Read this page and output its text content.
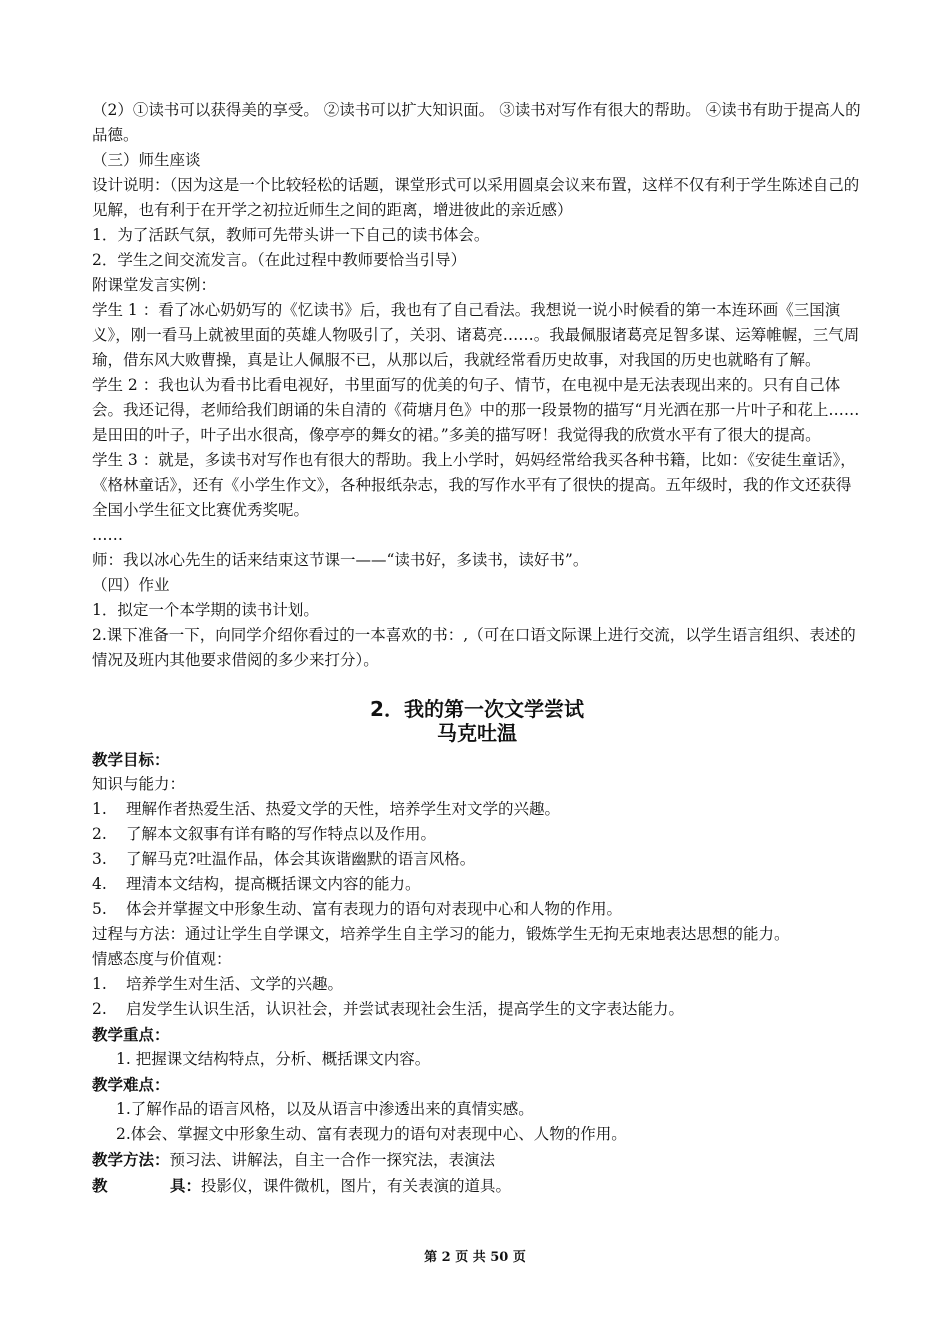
（2）①读书可以获得美的享受。 ②读书可以扩大知识面。 ③读书对写作有很大的帮助。 ④读书有助于提高人的品德。

（三）师生座谈

设计说明：（因为这是一个比较轻松的话题，课堂形式可以采用圆桌会议来布置，这样不仅有利于学生陈述自己的见解，也有利于在开学之初拉近师生之间的距离，增进彼此的亲近感）

1．为了活跃气氛，教师可先带头讲一下自己的读书体会。

2．学生之间交流发言。（在此过程中教师要恰当引导）

附课堂发言实例：

学生 1 ：看了冰心奶奶写的《忆读书》后，我也有了自己看法。我想说一说小时候看的第一本连环画《三国演义》，刚一看马上就被里面的英雄人物吸引了，关羽、诸葛亮……。我最佩服诸葛亮足智多谋、运筹帷幄，三气周瑜，借东风大败曹操，真是让人佩服不已，从那以后，我就经常看历史故事，对我国的历史也就略有了解。

学生 2 ：我也认为看书比看电视好，书里面写的优美的句子、情节，在电视中是无法表现出来的。只有自己体会。我还记得，老师给我们朗诵的朱自清的《荷塘月色》中的那一段景物的描写“月光洒在那一片叶子和花上……是田田的叶子，叶子出水很高，像亭亭的舞女的裙。”多美的描写呀！我觉得我的欣赏水平有了很大的提高。

学生 3 ：就是，多读书对写作也有很大的帮助。我上小学时，妈妈经常给我买各种书籍，比如：《安徒生童话》，《格林童话》，还有《小学生作文》，各种报纸杂志，我的写作水平有了很快的提高。五年级时，我的作文还获得全国小学生征文比赛优秀奖呢。

……

师：我以冰心先生的话来结束这节课一——“读书好，多读书，读好书”。

（四）作业

1．拟定一个本学期的读书计划。

2.课下准备一下，向同学介绍你看过的一本喜欢的书：,（可在口语文际课上进行交流，以学生语言组织、表述的情况及班内其他要求借阅的多少来打分）。

2．我的第一次文学尝试
马克吐温

教学目标：

知识与能力：

1.	理解作者热爱生活、热爱文学的天性，培养学生对文学的兴趣。
2.	了解本文叙事有详有略的写作特点以及作用。
3.	了解马克?吐温作品，体会其诙谐幽默的语言风格。
4.	理清本文结构，提高概括课文内容的能力。
5.	体会并掌握文中形象生动、富有表现力的语句对表现中心和人物的作用。

过程与方法：通过让学生自学课文，培养学生自主学习的能力，锻炼学生无拘无束地表达思想的能力。

情感态度与价值观：

1.	培养学生对生活、文学的兴趣。
2.	启发学生认识生活，认识社会，并尝试表现社会生活，提高学生的文字表达能力。

教学重点：

1. 把握课文结构特点，分析、概括课文内容。

教学难点：

1.了解作品的语言风格，以及从语言中渗透出来的真情实感。

2.体会、掌握文中形象生动、富有表现力的语句对表现中心、人物的作用。

教学方法：预习法、讲解法，自主一合作一探究法，表演法

教	具：投影仪，课件微机，图片，有关表演的道具。

第 2 页 共 50 页
